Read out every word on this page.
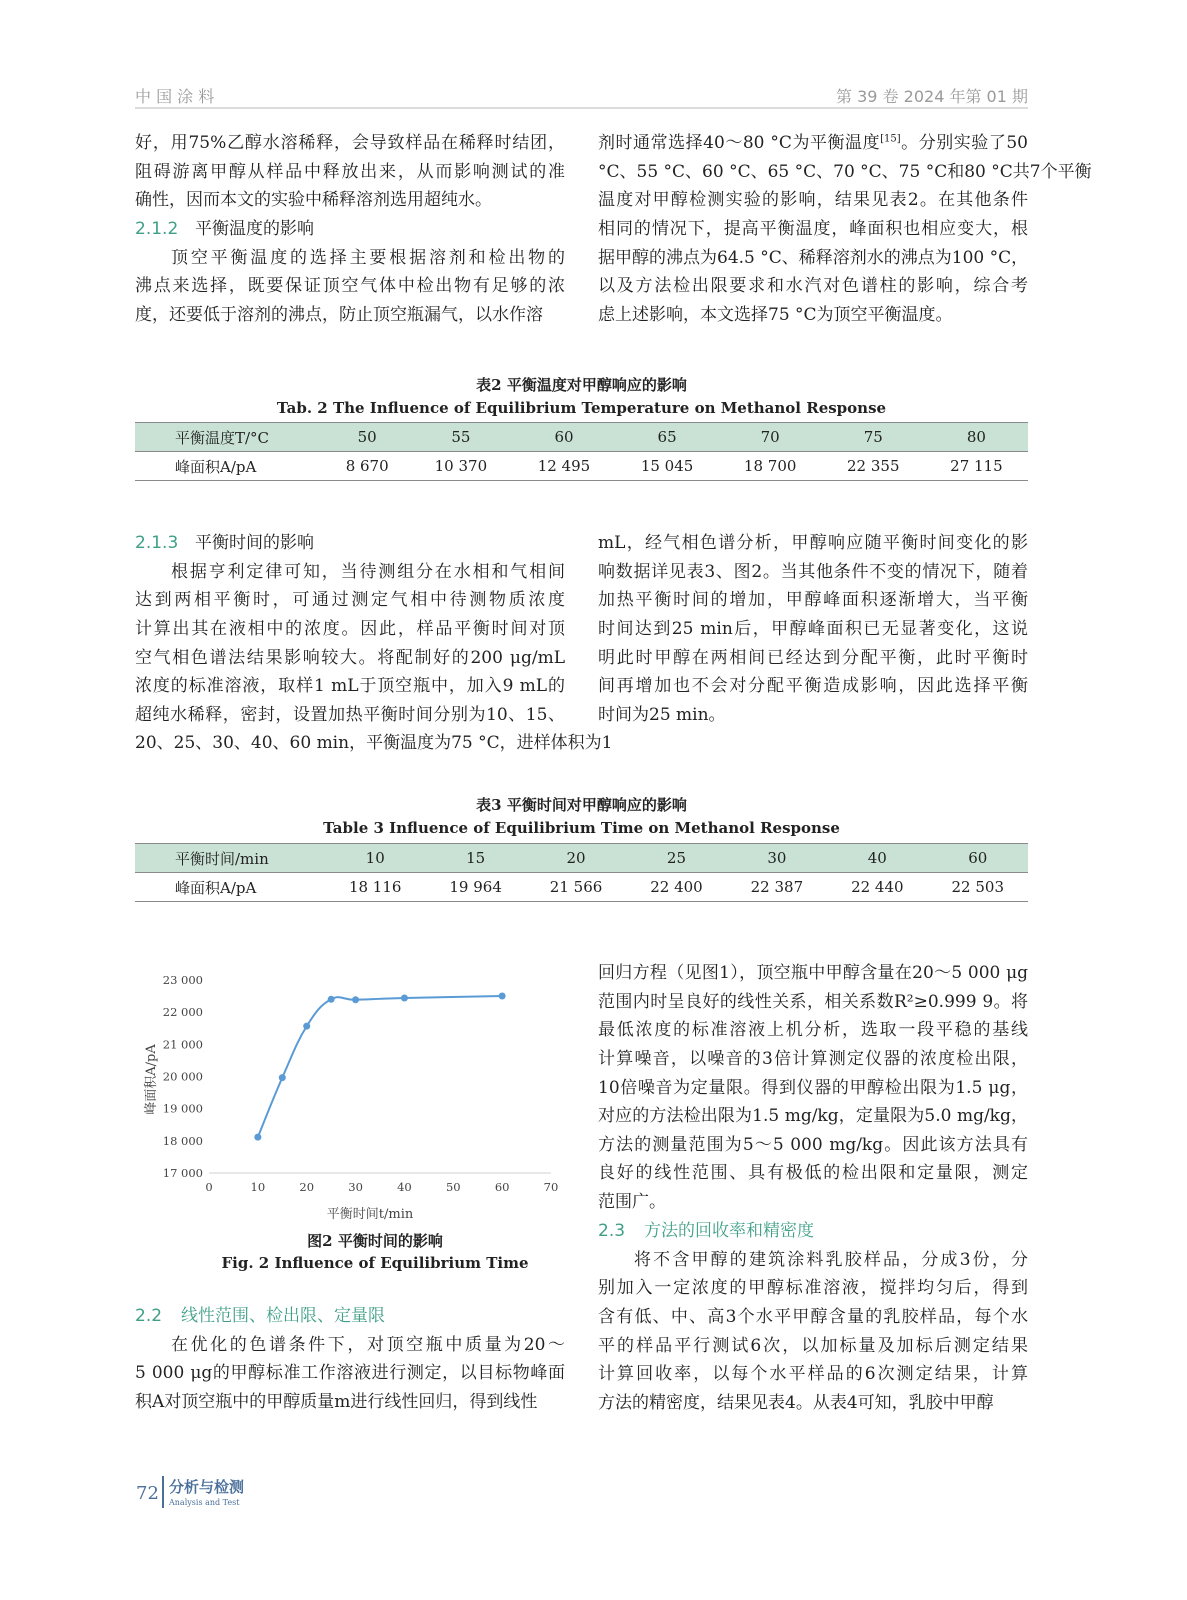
中 国 涂 料	第 39 卷 2024 年第 01 期
好，用75%乙醇水溶稀释，会导致样品在稀释时结团，
阻碍游离甲醇从样品中释放出来，从而影响测试的准
确性，因而本文的实验中稀释溶剂选用超纯水。
2.1.2 平衡温度的影响
顶空平衡温度的选择主要根据溶剂和检出物的
沸点来选择，既要保证顶空气体中检出物有足够的浓
度，还要低于溶剂的沸点，防止顶空瓶漏气，以水作溶
剂时通常选择40～80 °C为平衡温度[15]。分别实验了50
°C、55 °C、60 °C、65 °C、70 °C、75 °C和80 °C共7个平衡
温度对甲醇检测实验的影响，结果见表2。在其他条件
相同的情况下，提高平衡温度，峰面积也相应变大，根
据甲醇的沸点为64.5 °C、稀释溶剂水的沸点为100 °C，
以及方法检出限要求和水汽对色谱柱的影响，综合考
虑上述影响，本文选择75 °C为顶空平衡温度。
表2 平衡温度对甲醇响应的影响
Tab. 2 The Influence of Equilibrium Temperature on Methanol Response
平衡温度T/°C	50	55	60	65	70	75	80
峰面积A/pA	8 670	10 370	12 495	15 045	18 700	22 355	27 115
2.1.3 平衡时间的影响
根据亨利定律可知，当待测组分在水相和气相间
达到两相平衡时，可通过测定气相中待测物质浓度
计算出其在液相中的浓度。因此，样品平衡时间对顶
空气相色谱法结果影响较大。将配制好的200 μg/mL
浓度的标准溶液，取样1 mL于顶空瓶中，加入9 mL的
超纯水稀释，密封，设置加热平衡时间分别为10、15、
20、25、30、40、60 min，平衡温度为75 °C，进样体积为1
mL，经气相色谱分析，甲醇响应随平衡时间变化的影
响数据详见表3、图2。当其他条件不变的情况下，随着
加热平衡时间的增加，甲醇峰面积逐渐增大，当平衡
时间达到25 min后，甲醇峰面积已无显著变化，这说
明此时甲醇在两相间已经达到分配平衡，此时平衡时
间再增加也不会对分配平衡造成影响，因此选择平衡
时间为25 min。
表3 平衡时间对甲醇响应的影响
Table 3 Influence of Equilibrium Time on Methanol Response
平衡时间/min	10	15	20	25	30	40	60
峰面积A/pA	18 116	19 964	21 566	22 400	22 387	22 440	22 503
0	10	20	30	40	50	60	70
17 000
18 000
19 000
20 000
21 000
22 000
23 000
平衡时间t/min
峰面积A/pA
图2 平衡时间的影响
Fig. 2 Influence of Equilibrium Time
2.2 线性范围、检出限、定量限
在优化的色谱条件下，对顶空瓶中质量为20～
5 000 μg的甲醇标准工作溶液进行测定，以目标物峰面
积A对顶空瓶中的甲醇质量m进行线性回归，得到线性
回归方程（见图1），顶空瓶中甲醇含量在20～5 000 μg
范围内时呈良好的线性关系，相关系数R²≥0.999 9。将
最低浓度的标准溶液上机分析，选取一段平稳的基线
计算噪音，以噪音的3倍计算测定仪器的浓度检出限，
10倍噪音为定量限。得到仪器的甲醇检出限为1.5 μg，
对应的方法检出限为1.5 mg/kg，定量限为5.0 mg/kg，
方法的测量范围为5～5 000 mg/kg。因此该方法具有
良好的线性范围、具有极低的检出限和定量限，测定
范围广。
2.3 方法的回收率和精密度
将不含甲醇的建筑涂料乳胶样品，分成3份，分
别加入一定浓度的甲醇标准溶液，搅拌均匀后，得到
含有低、中、高3个水平甲醇含量的乳胶样品，每个水
平的样品平行测试6次，以加标量及加标后测定结果
计算回收率，以每个水平样品的6次测定结果，计算
方法的精密度，结果见表4。从表4可知，乳胶中甲醇
72 分析与检测
Analysis and Test
